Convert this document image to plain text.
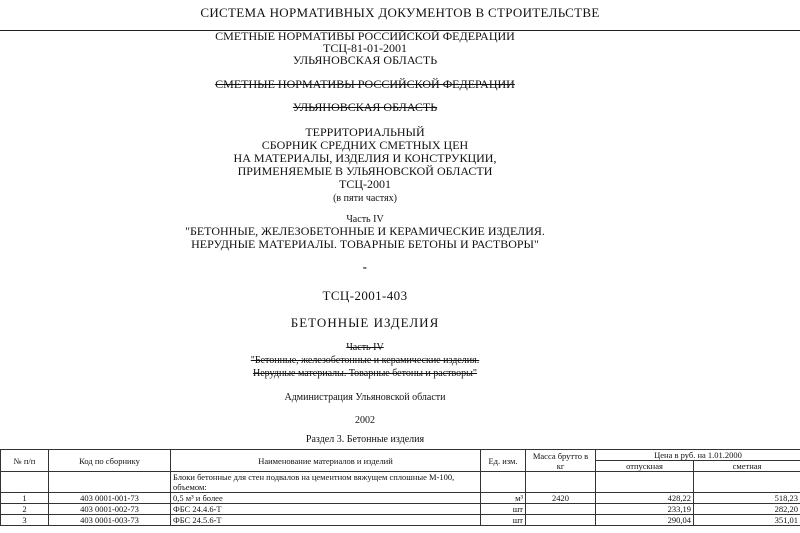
СИСТЕМА НОРМАТИВНЫХ ДОКУМЕНТОВ В СТРОИТЕЛЬСТВЕ
СМЕТНЫЕ НОРМАТИВЫ РОССИЙСКОЙ ФЕДЕРАЦИИ
ТСЦ-81-01-2001
УЛЬЯНОВСКАЯ ОБЛАСТЬ
СМЕТНЫЕ НОРМАТИВЫ РОССИЙСКОЙ ФЕДЕРАЦИИ
УЛЬЯНОВСКАЯ ОБЛАСТЬ
ТЕРРИТОРИАЛЬНЫЙ
СБОРНИК СРЕДНИХ СМЕТНЫХ ЦЕН
НА МАТЕРИАЛЫ, ИЗДЕЛИЯ И КОНСТРУКЦИИ,
ПРИМЕНЯЕМЫЕ В УЛЬЯНОВСКОЙ ОБЛАСТИ
ТСЦ-2001
(в пяти частях)
Часть IV
"БЕТОННЫЕ, ЖЕЛЕЗОБЕТОННЫЕ И КЕРАМИЧЕСКИЕ ИЗДЕЛИЯ.
НЕРУДНЫЕ МАТЕРИАЛЫ. ТОВАРНЫЕ БЕТОНЫ И РАСТВОРЫ"
-
ТСЦ-2001-403
БЕТОННЫЕ ИЗДЕЛИЯ
Часть IV
"Бетонные, железобетонные и керамические изделия.
Нерудные материалы. Товарные бетоны и растворы"
Администрация Ульяновской области
2002
Раздел 3. Бетонные изделия
№ п/п	Код по сборнику	Наименование материалов и изделий	Ед. изм.	Масса брутто в кг	Цена в руб. на 1.01.2000	
					отпускная	сметная
		Блоки бетонные для стен подвалов на цементном вяжущем сплошные М-100, объемом:				
1	403 0001-001-73	0,5 м³ и более	м³	2420	428,22	518,23
2	403 0001-002-73	ФБС 24.4.6-Т	шт		233,19	282,20
3	403 0001-003-73	ФБС 24.5.6-Т	шт		290,04	351,01
